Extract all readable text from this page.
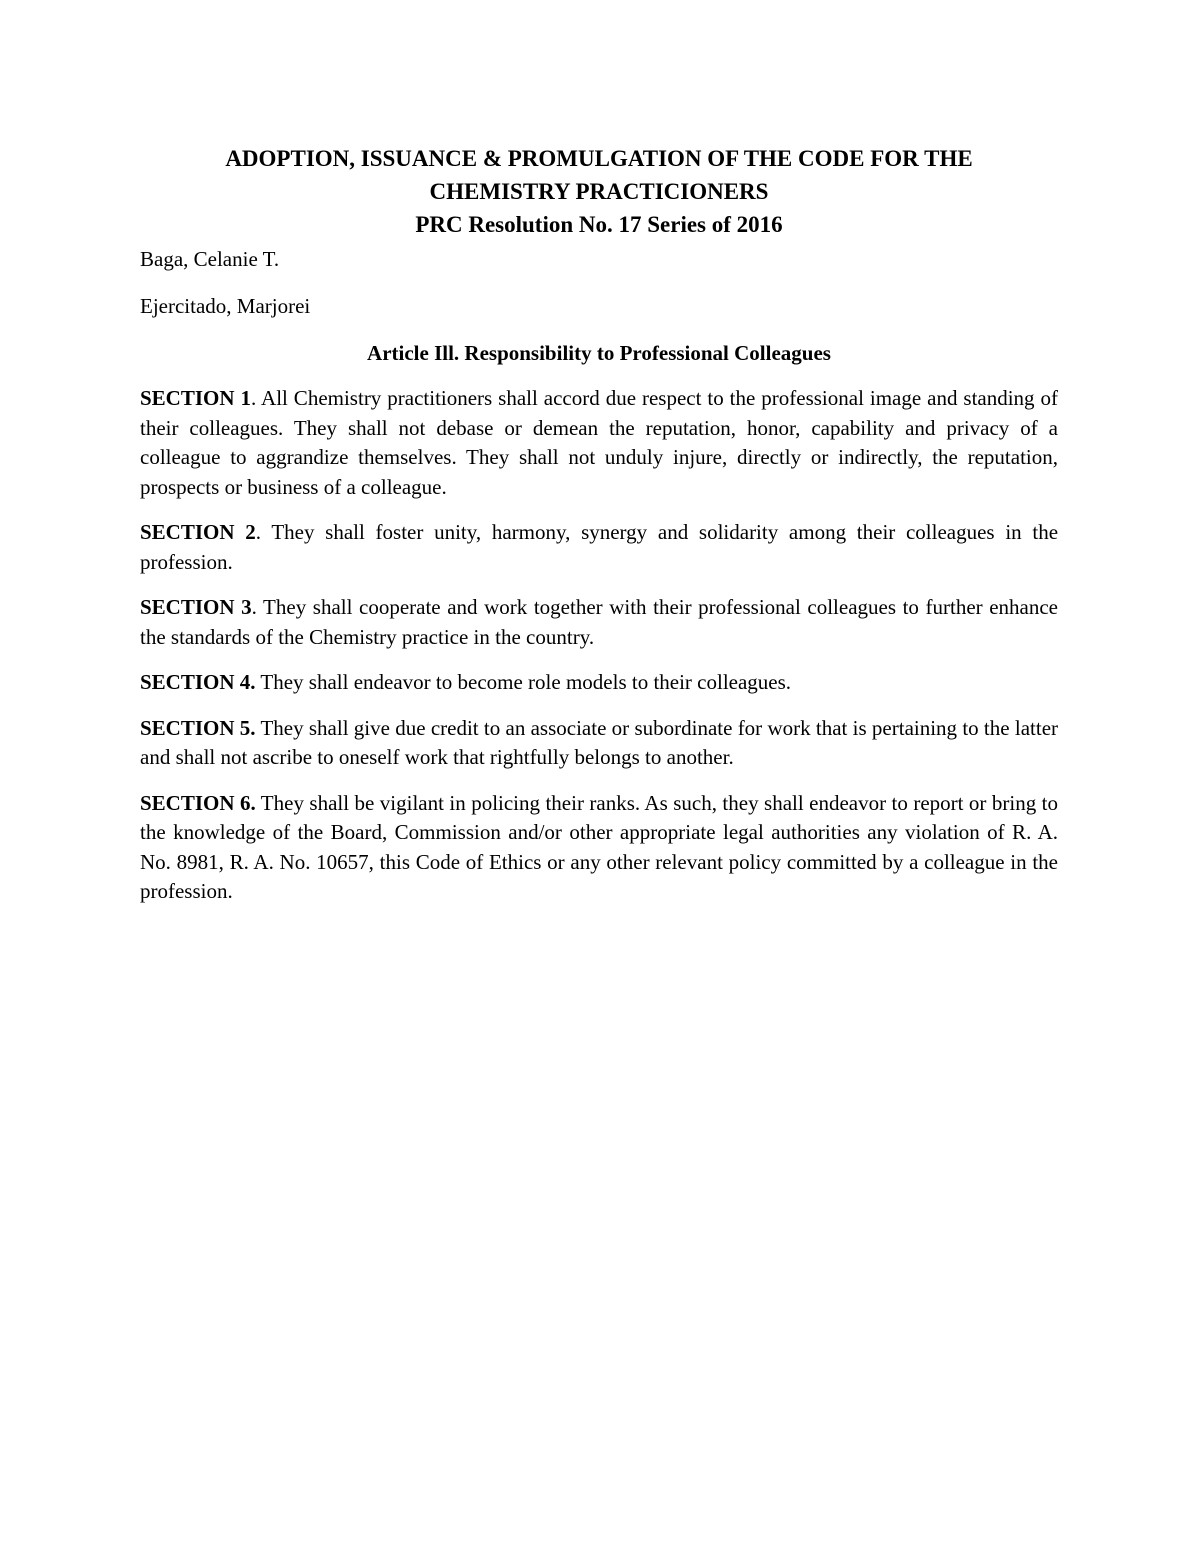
ADOPTION, ISSUANCE & PROMULGATION OF THE CODE FOR THE
CHEMISTRY PRACTICIONERS
PRC Resolution No. 17 Series of 2016

Baga, Celanie T.

Ejercitado, Marjorei

Article Ill. Responsibility to Professional Colleagues

SECTION 1. All Chemistry practitioners shall accord due respect to the professional image and standing of their colleagues. They shall not debase or demean the reputation, honor, capability and privacy of a colleague to aggrandize themselves. They shall not unduly injure, directly or indirectly, the reputation, prospects or business of a colleague.

SECTION 2. They shall foster unity, harmony, synergy and solidarity among their colleagues in the profession.

SECTION 3. They shall cooperate and work together with their professional colleagues to further enhance the standards of the Chemistry practice in the country.

SECTION 4. They shall endeavor to become role models to their colleagues.

SECTION 5. They shall give due credit to an associate or subordinate for work that is pertaining to the latter and shall not ascribe to oneself work that rightfully belongs to another.

SECTION 6. They shall be vigilant in policing their ranks. As such, they shall endeavor to report or bring to the knowledge of the Board, Commission and/or other appropriate legal authorities any violation of R. A. No. 8981, R. A. No. 10657, this Code of Ethics or any other relevant policy committed by a colleague in the profession.
